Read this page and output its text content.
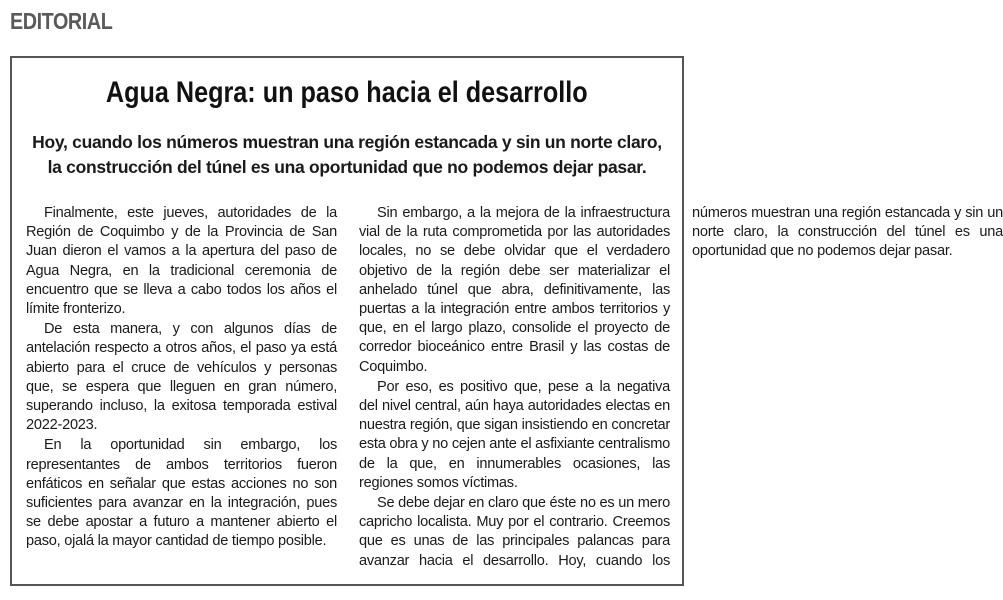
EDITORIAL
Agua Negra: un paso hacia el desarrollo
Hoy, cuando los números muestran una región estancada y sin un norte claro, la construcción del túnel es una oportunidad que no podemos dejar pasar.

Finalmente, este jueves, autoridades de la Región de Coquimbo y de la Provincia de San Juan dieron el vamos a la apertura del paso de Agua Negra, en la tradicional ceremonia de encuentro que se lleva a cabo todos los años el límite fronterizo.

De esta manera, y con algunos días de antelación respecto a otros años, el paso ya está abierto para el cruce de vehículos y personas que, se espera que lleguen en gran número, superando incluso, la exitosa temporada estival 2022-2023.

En la oportunidad sin embargo, los representantes de ambos territorios fueron enfáticos en señalar que estas acciones no son suficientes para avanzar en la integración, pues se debe apostar a futuro a mantener abierto el paso, ojalá la mayor cantidad de tiempo posible.

Sin embargo, a la mejora de la infraestructura vial de la ruta comprometida por las autoridades locales, no se debe olvidar que el verdadero objetivo de la región debe ser materializar el anhelado túnel que abra, definitivamente, las puertas a la integración entre ambos territorios y que, en el largo plazo, consolide el proyecto de corredor bioceánico entre Brasil y las costas de Coquimbo.

Por eso, es positivo que, pese a la negativa del nivel central, aún haya autoridades electas en nuestra región, que sigan insistiendo en concretar esta obra y no cejen ante el asfixiante centralismo de la que, en innumerables ocasiones, las regiones somos víctimas.

Se debe dejar en claro que éste no es un mero capricho localista. Muy por el contrario. Creemos que es unas de las principales palancas para avanzar hacia el desarrollo. Hoy, cuando los números muestran una región estancada y sin un norte claro, la construcción del túnel es una oportunidad que no podemos dejar pasar.
